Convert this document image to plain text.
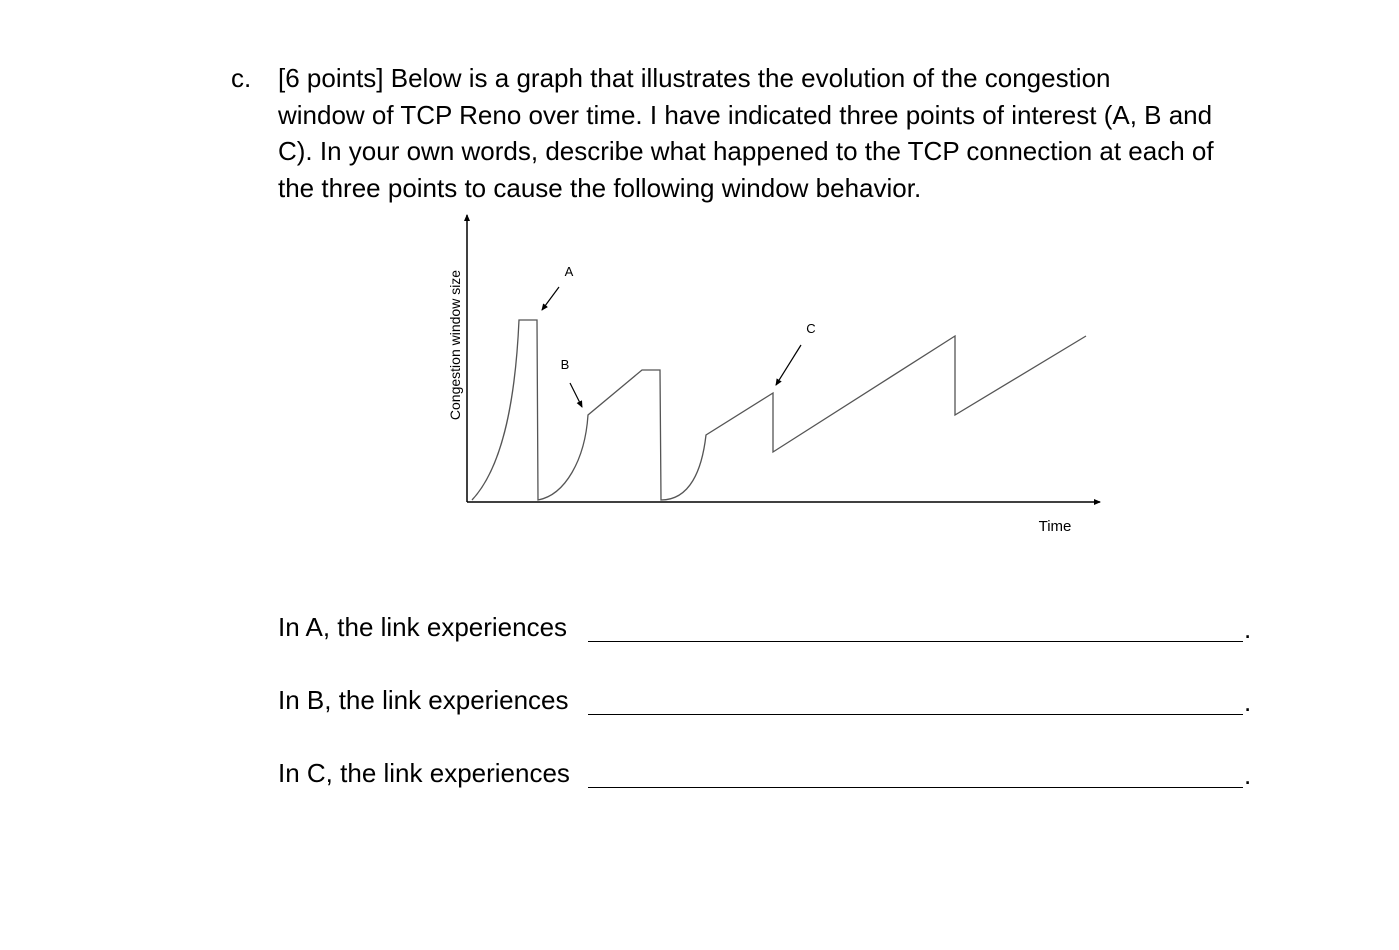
c. [6 points] Below is a graph that illustrates the evolution of the congestion
window of TCP Reno over time. I have indicated three points of interest (A, B and
C). In your own words, describe what happened to the TCP connection at each of
the three points to cause the following window behavior.
Congestion window size
Time
A
B
C
In A, the link experiences	.
In B, the link experiences	.
In C, the link experiences	.
